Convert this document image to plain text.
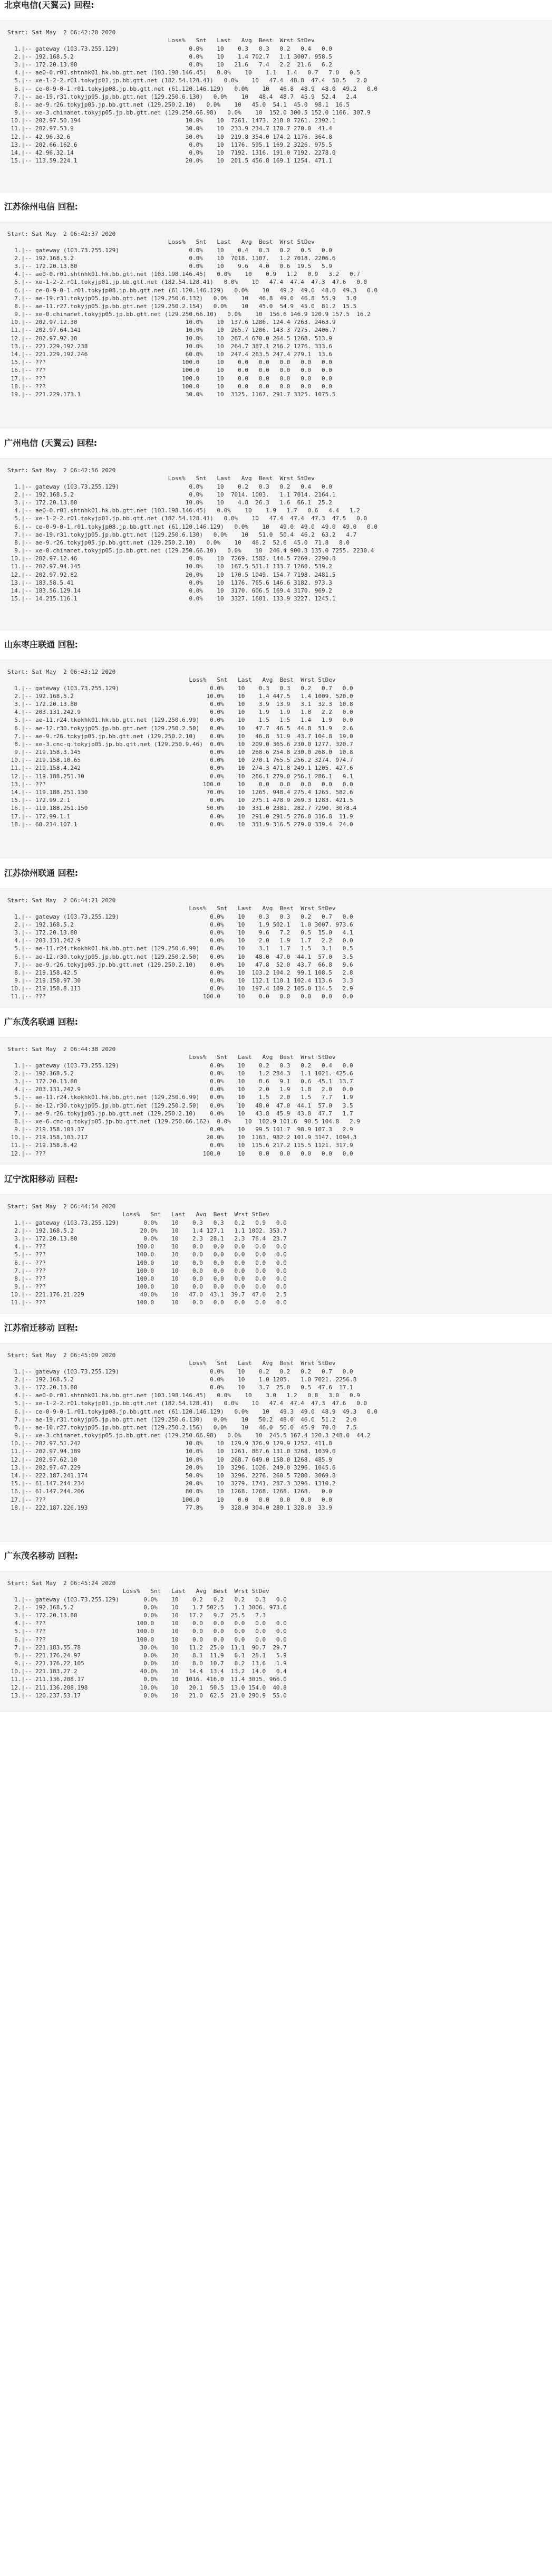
北京电信(天翼云) 回程:

Start: Sat May  2 06:42:20 2020
Loss%   Snt   Last   Avg  Best  Wrst StDev
1.|-- gateway (103.73.255.129)                    0.0%    10    0.3   0.3   0.2   0.4   0.0
2.|-- 192.168.5.2                                 0.0%    10    1.4 702.7   1.1 3007. 958.5
3.|-- 172.20.13.80                                0.0%    10   21.6   7.4   2.2  21.6   6.2
4.|-- ae0-0.r01.shtnhk01.hk.bb.gtt.net (103.198.146.45)   0.0%    10    1.1   1.4   0.7   7.0   0.5
5.|-- xe-1-2-2.r01.tokyjp01.jp.bb.gtt.net (182.54.128.41)   0.0%    10   47.4  48.8  47.4  50.5   2.0
6.|-- ce-0-9-0-1.r01.tokyjp08.jp.bb.gtt.net (61.120.146.129)   0.0%    10   46.8  48.9  48.0  49.2   0.0
7.|-- ae-19.r31.tokyjp05.jp.bb.gtt.net (129.250.6.130)   0.0%    10   48.4  48.7  45.9  52.4   2.4
8.|-- ae-9.r26.tokyjp05.jp.bb.gtt.net (129.250.2.10)   0.0%    10   45.0  54.1  45.0  98.1  16.5
9.|-- xe-3.chinanet.tokyjp05.jp.bb.gtt.net (129.250.66.98)   0.0%    10  152.0 300.5 152.0 1166. 307.9
10.|-- 202.97.50.194                              10.0%    10  7261. 1473. 218.0 7261. 2392.1
11.|-- 202.97.53.9                                30.0%    10  233.9 234.7 170.7 270.0  41.4
12.|-- 42.96.32.6                                 30.0%    10  219.8 354.0 174.2 1176. 364.8
13.|-- 202.66.162.6                                0.0%    10  1176. 595.1 169.2 3226. 975.5
14.|-- 42.96.32.14                                 0.0%    10  7192. 1316. 191.0 7192. 2278.0
15.|-- 113.59.224.1                               20.0%    10  201.5 456.8 169.1 1254. 471.1
江苏徐州电信 回程:

Start: Sat May  2 06:42:37 2020
Loss%   Snt   Last   Avg  Best  Wrst StDev
1.|-- gateway (103.73.255.129)                    0.0%    10    0.4   0.3   0.2   0.5   0.0
2.|-- 192.168.5.2                                 0.0%    10  7018. 1107.   1.2 7018. 2206.6
3.|-- 172.20.13.80                                0.0%    10    9.6   4.0   0.6  19.5   5.9
4.|-- ae0-0.r01.shtnhk01.hk.bb.gtt.net (103.198.146.45)   0.0%    10    0.9   1.2   0.9   3.2   0.7
5.|-- xe-1-2-2.r01.tokyjp01.jp.bb.gtt.net (182.54.128.41)   0.0%    10   47.4  47.4  47.3  47.6   0.0
6.|-- ce-0-9-0-1.r01.tokyjp08.jp.bb.gtt.net (61.120.146.129)   0.0%    10   49.2  49.0  48.0  49.3   0.0
7.|-- ae-19.r31.tokyjp05.jp.bb.gtt.net (129.250.6.132)   0.0%    10   46.8  49.0  46.8  55.9   3.0
8.|-- ae-11.r27.tokyjp05.jp.bb.gtt.net (129.250.2.154)   0.0%    10   45.0  54.9  45.0  81.2  15.5
9.|-- xe-0.chinanet.tokyjp05.jp.bb.gtt.net (129.250.66.10)   0.0%    10  156.6 146.9 120.9 157.5  16.2
10.|-- 202.97.12.30                               10.0%    10  137.6 1286. 124.4 7263. 2463.9
11.|-- 202.97.64.141                              10.0%    10  265.7 1206. 143.3 7275. 2406.7
12.|-- 202.97.92.10                               10.0%    10  267.4 670.0 264.5 1268. 513.9
13.|-- 221.229.192.238                            10.0%    10  264.7 387.1 256.2 1276. 333.6
14.|-- 221.229.192.246                            60.0%    10  247.4 263.5 247.4 279.1  13.6
15.|-- ???                                       100.0     10    0.0   0.0   0.0   0.0   0.0
16.|-- ???                                       100.0     10    0.0   0.0   0.0   0.0   0.0
17.|-- ???                                       100.0     10    0.0   0.0   0.0   0.0   0.0
18.|-- ???                                       100.0     10    0.0   0.0   0.0   0.0   0.0
19.|-- 221.229.173.1                              30.0%    10  3325. 1167. 291.7 3325. 1075.5
广州电信 (天翼云) 回程:

Start: Sat May  2 06:42:56 2020
Loss%   Snt   Last   Avg  Best  Wrst StDev
1.|-- gateway (103.73.255.129)                    0.0%    10    0.2   0.3   0.2   0.4   0.0
2.|-- 192.168.5.2                                 0.0%    10  7014. 1003.   1.1 7014. 2164.1
3.|-- 172.20.13.80                               10.0%    10    4.8  26.3   1.6  66.1  25.2
4.|-- ae0-0.r01.shtnhk01.hk.bb.gtt.net (103.198.146.45)   0.0%    10    1.9   1.7   0.6   4.4   1.2
5.|-- xe-1-2-2.r01.tokyjp01.jp.bb.gtt.net (182.54.128.41)   0.0%    10   47.4  47.4  47.3  47.5   0.0
6.|-- ce-0-9-0-1.r01.tokyjp08.jp.bb.gtt.net (61.120.146.129)   0.0%    10   49.0  49.0  49.0  49.0   0.0
7.|-- ae-19.r31.tokyjp05.jp.bb.gtt.net (129.250.6.130)   0.0%    10   51.0  50.4  46.2  63.2   4.7
8.|-- ae-9.r26.tokyjp05.jp.bb.gtt.net (129.250.2.10)   0.0%    10   46.2  52.6  45.0  71.8   8.0
9.|-- xe-0.chinanet.tokyjp05.jp.bb.gtt.net (129.250.66.10)   0.0%    10  246.4 900.3 135.0 7255. 2230.4
10.|-- 202.97.12.46                                0.0%    10  7269. 1582. 144.5 7269. 2290.8
11.|-- 202.97.94.145                              10.0%    10  167.5 511.1 133.7 1260. 539.2
12.|-- 202.97.92.82                               20.0%    10  170.5 1049. 154.7 7198. 2481.5
13.|-- 183.58.5.41                                 0.0%    10  1176. 765.6 146.6 3182. 973.3
14.|-- 183.56.129.14                               0.0%    10  3170. 606.5 169.4 3170. 969.2
15.|-- 14.215.116.1                                0.0%    10  3327. 1601. 133.9 3227. 1245.1
山东枣庄联通 回程:

Start: Sat May  2 06:43:12 2020
Loss%   Snt   Last   Avg  Best  Wrst StDev
1.|-- gateway (103.73.255.129)                          0.0%    10    0.3   0.3   0.2   0.7   0.0
2.|-- 192.168.5.2                                      10.0%    10    1.4 447.5   1.4 1009. 520.0
3.|-- 172.20.13.80                                      0.0%    10    3.9  13.9   3.1  32.3  10.8
4.|-- 203.131.242.9                                     0.0%    10    1.9   1.9   1.8   2.2   0.0
5.|-- ae-11.r24.tkokhk01.hk.bb.gtt.net (129.250.6.99)   0.0%    10    1.5   1.5   1.4   1.9   0.0
6.|-- ae-12.r30.tokyjp05.jp.bb.gtt.net (129.250.2.50)   0.0%    10   47.7  46.5  44.8  51.9   2.6
7.|-- ae-9.r26.tokyjp05.jp.bb.gtt.net (129.250.2.10)    0.0%    10   46.8  51.9  43.7 104.8  19.0
8.|-- xe-3.cnc-q.tokyjp05.jp.bb.gtt.net (129.250.9.46)  0.0%    10  209.0 365.6 230.0 1277. 320.7
9.|-- 219.158.3.145                                     0.0%    10  268.6 254.8 230.0 268.0  10.8
10.|-- 219.158.10.65                                     0.0%    10  270.1 765.5 256.2 3274. 974.7
11.|-- 219.158.4.242                                     0.0%    10  274.3 471.8 249.1 1205. 427.6
12.|-- 119.188.251.10                                    0.0%    10  266.1 279.0 256.1 286.1   9.1
13.|-- ???                                             100.0     10    0.0   0.0   0.0   0.0   0.0
14.|-- 119.188.251.130                                  70.0%    10  1265. 948.4 275.4 1265. 582.6
15.|-- 172.99.2.1                                        0.0%    10  275.1 478.9 269.3 1283. 421.5
16.|-- 119.188.251.150                                  50.0%    10  331.0 2381. 282.7 7290. 3078.4
17.|-- 172.99.1.1                                        0.0%    10  291.0 291.5 276.0 316.8  11.9
18.|-- 60.214.107.1                                      0.0%    10  331.9 316.5 279.0 339.4  24.0
江苏徐州联通 回程:

Start: Sat May  2 06:44:21 2020
Loss%   Snt   Last   Avg  Best  Wrst StDev
1.|-- gateway (103.73.255.129)                          0.0%    10    0.3   0.3   0.2   0.7   0.0
2.|-- 192.168.5.2                                       0.0%    10    1.9 502.1   1.0 3007. 973.6
3.|-- 172.20.13.80                                      0.0%    10    9.6   7.2   0.5  15.0   4.1
4.|-- 203.131.242.9                                     0.0%    10    2.0   1.9   1.7   2.2   0.0
5.|-- ae-11.r24.tkokhk01.hk.bb.gtt.net (129.250.6.99)   0.0%    10    3.1   1.7   1.5   3.1   0.5
6.|-- ae-12.r30.tokyjp05.jp.bb.gtt.net (129.250.2.50)   0.0%    10   48.0  47.0  44.1  57.0   3.5
7.|-- ae-9.r26.tokyjp05.jp.bb.gtt.net (129.250.2.10)    0.0%    10   47.8  52.0  43.7  66.8   9.6
8.|-- 219.158.42.5                                      0.0%    10  103.2 104.2  99.1 108.5   2.8
9.|-- 219.158.97.30                                     0.0%    10  112.1 110.1 102.4 113.6   3.3
10.|-- 219.158.8.113                                     0.0%    10  197.4 109.2 105.0 114.5   2.9
11.|-- ???                                             100.0     10    0.0   0.0   0.0   0.0   0.0
广东茂名联通 回程:

Start: Sat May  2 06:44:38 2020
Loss%   Snt   Last   Avg  Best  Wrst StDev
1.|-- gateway (103.73.255.129)                          0.0%    10    0.2   0.3   0.2   0.4   0.0
2.|-- 192.168.5.2                                       0.0%    10    1.2 284.3   1.1 1021. 425.6
3.|-- 172.20.13.80                                      0.0%    10    8.6   9.1   0.6  45.1  13.7
4.|-- 203.131.242.9                                     0.0%    10    2.0   1.9   1.8   2.0   0.0
5.|-- ae-11.r24.tkokhk01.hk.bb.gtt.net (129.250.6.99)   0.0%    10    1.5   2.0   1.5   7.7   1.9
6.|-- ae-12.r30.tokyjp05.jp.bb.gtt.net (129.250.2.50)   0.0%    10   48.0  47.0  44.1  57.0   3.5
7.|-- ae-9.r26.tokyjp05.jp.bb.gtt.net (129.250.2.10)    0.0%    10   43.8  45.9  43.8  47.7   1.7
8.|-- xe-6.cnc-q.tokyjp05.jp.bb.gtt.net (129.250.66.162)  0.0%    10  102.9 101.6  90.5 104.8   2.9
9.|-- 219.158.103.37                                    0.0%    10   99.5 101.7  98.9 107.3   2.9
10.|-- 219.158.103.217                                  20.0%    10  1163. 982.2 101.9 3147. 1094.3
11.|-- 219.158.8.42                                      0.0%    10  115.6 217.2 115.5 1121. 317.9
12.|-- ???                                             100.0     10    0.0   0.0   0.0   0.0   0.0
辽宁沈阳移动 回程:

Start: Sat May  2 06:44:54 2020
Loss%   Snt   Last   Avg  Best  Wrst StDev
1.|-- gateway (103.73.255.129)       0.0%    10    0.3   0.3   0.2   0.9   0.0
2.|-- 192.168.5.2                   20.0%    10    1.4 127.1   1.1 1002. 353.7
3.|-- 172.20.13.80                   0.0%    10    2.3  28.1   2.3  76.4  23.7
4.|-- ???                          100.0     10    0.0   0.0   0.0   0.0   0.0
5.|-- ???                          100.0     10    0.0   0.0   0.0   0.0   0.0
6.|-- ???                          100.0     10    0.0   0.0   0.0   0.0   0.0
7.|-- ???                          100.0     10    0.0   0.0   0.0   0.0   0.0
8.|-- ???                          100.0     10    0.0   0.0   0.0   0.0   0.0
9.|-- ???                          100.0     10    0.0   0.0   0.0   0.0   0.0
10.|-- 221.176.21.229                40.0%    10   47.0  43.1  39.7  47.0   2.5
11.|-- ???                          100.0     10    0.0   0.0   0.0   0.0   0.0
江苏宿迁移动 回程:

Start: Sat May  2 06:45:09 2020
Loss%   Snt   Last   Avg  Best  Wrst StDev
1.|-- gateway (103.73.255.129)                          0.0%    10    0.2   0.2   0.2   0.7   0.0
2.|-- 192.168.5.2                                       0.0%    10    1.0 1205.   1.0 7021. 2256.8
3.|-- 172.20.13.80                                      0.0%    10    3.7  25.0   0.5  47.6  17.1
4.|-- ae0-0.r01.shtnhk01.hk.bb.gtt.net (103.198.146.45)   0.0%    10    3.0   1.2   0.8   3.0   0.9
5.|-- xe-1-2-2.r01.tokyjp01.jp.bb.gtt.net (182.54.128.41)   0.0%    10   47.4  47.4  47.3  47.6   0.0
6.|-- ce-0-9-0-1.r01.tokyjp08.jp.bb.gtt.net (61.120.146.129)   0.0%    10   49.3  49.0  48.9  49.3   0.0
7.|-- ae-19.r31.tokyjp05.jp.bb.gtt.net (129.250.6.130)   0.0%    10   50.2  48.0  46.0  51.2   2.0
8.|-- ae-10.r27.tokyjp05.jp.bb.gtt.net (129.250.2.156)   0.0%    10   46.0  50.0  45.9  70.0   7.5
9.|-- xe-3.chinanet.tokyjp05.jp.bb.gtt.net (129.250.66.98)   0.0%    10  245.5 167.4 120.3 248.0  44.2
10.|-- 202.97.51.242                              10.0%    10  129.9 326.9 129.9 1252. 411.8
11.|-- 202.97.94.189                              10.0%    10  1261. 867.6 131.0 3268. 1039.0
12.|-- 202.97.62.10                               10.0%    10  268.7 649.0 158.0 1268. 485.9
13.|-- 202.97.47.229                              20.0%    10  3296. 1026. 249.0 3296. 1045.6
14.|-- 222.187.241.174                            50.0%    10  3296. 2276. 260.5 7280. 3069.8
15.|-- 61.147.244.234                             20.0%    10  3279. 1741. 287.3 3296. 1310.2
16.|-- 61.147.244.206                             80.0%    10  1268. 1268. 1268. 1268.   0.0
17.|-- ???                                       100.0     10    0.0   0.0   0.0   0.0   0.0
18.|-- 222.187.226.193                            77.8%     9  328.0 304.0 280.1 328.0  33.9
广东茂名移动 回程:

Start: Sat May  2 06:45:24 2020
Loss%   Snt   Last   Avg  Best  Wrst StDev
1.|-- gateway (103.73.255.129)       0.0%    10    0.2   0.2   0.2   0.3   0.0
2.|-- 192.168.5.2                    0.0%    10    1.7 502.5   1.1 3006. 973.6
3.|-- 172.20.13.80                   0.0%    10   17.2   9.7  25.5   7.3
4.|-- ???                          100.0     10    0.0   0.0   0.0   0.0   0.0
5.|-- ???                          100.0     10    0.0   0.0   0.0   0.0   0.0
6.|-- ???                          100.0     10    0.0   0.0   0.0   0.0   0.0
7.|-- 221.183.55.78                 30.0%    10   11.2  25.0  11.1  90.7  29.7
8.|-- 221.176.24.97                  0.0%    10    8.1  11.9   8.1  28.1   5.9
9.|-- 221.176.22.105                 0.0%    10    8.0  10.7   8.2  13.6   1.9
10.|-- 221.183.27.2                  40.0%    10   14.4  13.4  13.2  14.0   0.4
11.|-- 211.136.208.17                 0.0%    10  1016. 416.0  11.4 3015. 966.0
12.|-- 211.136.208.198               10.0%    10   20.1  50.5  13.0 154.0  40.8
13.|-- 120.237.53.17                  0.0%    10   21.0  62.5  21.0 290.9  55.0
